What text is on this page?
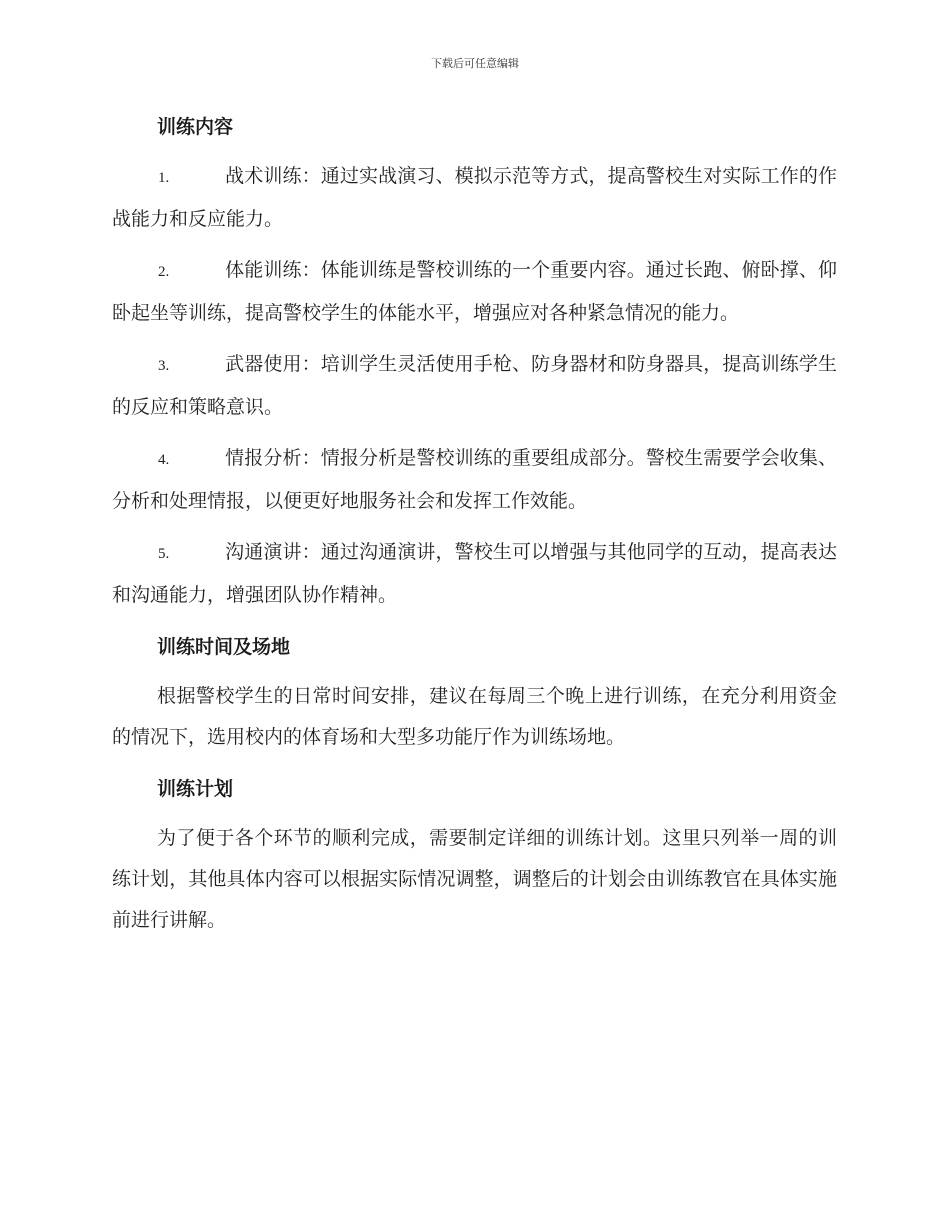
下载后可任意编辑
训练内容

1.	战术训练：通过实战演习、模拟示范等方式，提高警校生对实际工作的作战能力和反应能力。

2.	体能训练：体能训练是警校训练的一个重要内容。通过长跑、俯卧撑、仰卧起坐等训练，提高警校学生的体能水平，增强应对各种紧急情况的能力。

3.	武器使用：培训学生灵活使用手枪、防身器材和防身器具，提高训练学生的反应和策略意识。

4.	情报分析：情报分析是警校训练的重要组成部分。警校生需要学会收集、分析和处理情报，以便更好地服务社会和发挥工作效能。

5.	沟通演讲：通过沟通演讲，警校生可以增强与其他同学的互动，提高表达和沟通能力，增强团队协作精神。

训练时间及场地

根据警校学生的日常时间安排，建议在每周三个晚上进行训练，在充分利用资金的情况下，选用校内的体育场和大型多功能厅作为训练场地。

训练计划

为了便于各个环节的顺利完成，需要制定详细的训练计划。这里只列举一周的训练计划，其他具体内容可以根据实际情况调整，调整后的计划会由训练教官在具体实施前进行讲解。
